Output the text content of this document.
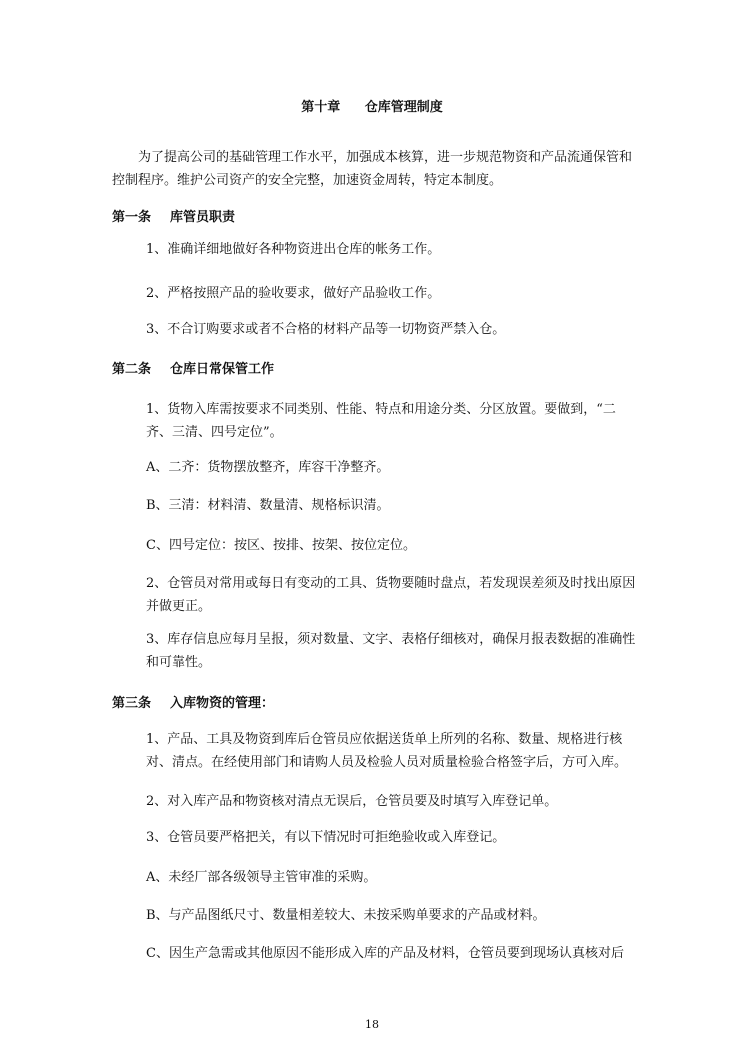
第十章 仓库管理制度

为了提高公司的基础管理工作水平，加强成本核算，进一步规范物资和产品流通保管和控制程序。维护公司资产的安全完整，加速资金周转，特定本制度。

第一条 库管员职责

1、准确详细地做好各种物资进出仓库的帐务工作。

2、严格按照产品的验收要求，做好产品验收工作。

3、不合订购要求或者不合格的材料产品等一切物资严禁入仓。

第二条 仓库日常保管工作

1、货物入库需按要求不同类别、性能、特点和用途分类、分区放置。要做到，“二齐、三清、四号定位”。

A、二齐：货物摆放整齐，库容干净整齐。

B、三清：材料清、数量清、规格标识清。

C、四号定位：按区、按排、按架、按位定位。

2、仓管员对常用或每日有变动的工具、货物要随时盘点，若发现误差须及时找出原因并做更正。

3、库存信息应每月呈报，须对数量、文字、表格仔细核对，确保月报表数据的准确性和可靠性。

第三条 入库物资的管理：

1、产品、工具及物资到库后仓管员应依据送货单上所列的名称、数量、规格进行核对、清点。在经使用部门和请购人员及检验人员对质量检验合格签字后，方可入库。

2、对入库产品和物资核对清点无误后，仓管员要及时填写入库登记单。

3、仓管员要严格把关，有以下情况时可拒绝验收或入库登记。

A、未经厂部各级领导主管审准的采购。

B、与产品图纸尺寸、数量相差较大、未按采购单要求的产品或材料。

C、因生产急需或其他原因不能形成入库的产品及材料，仓管员要到现场认真核对后

18
